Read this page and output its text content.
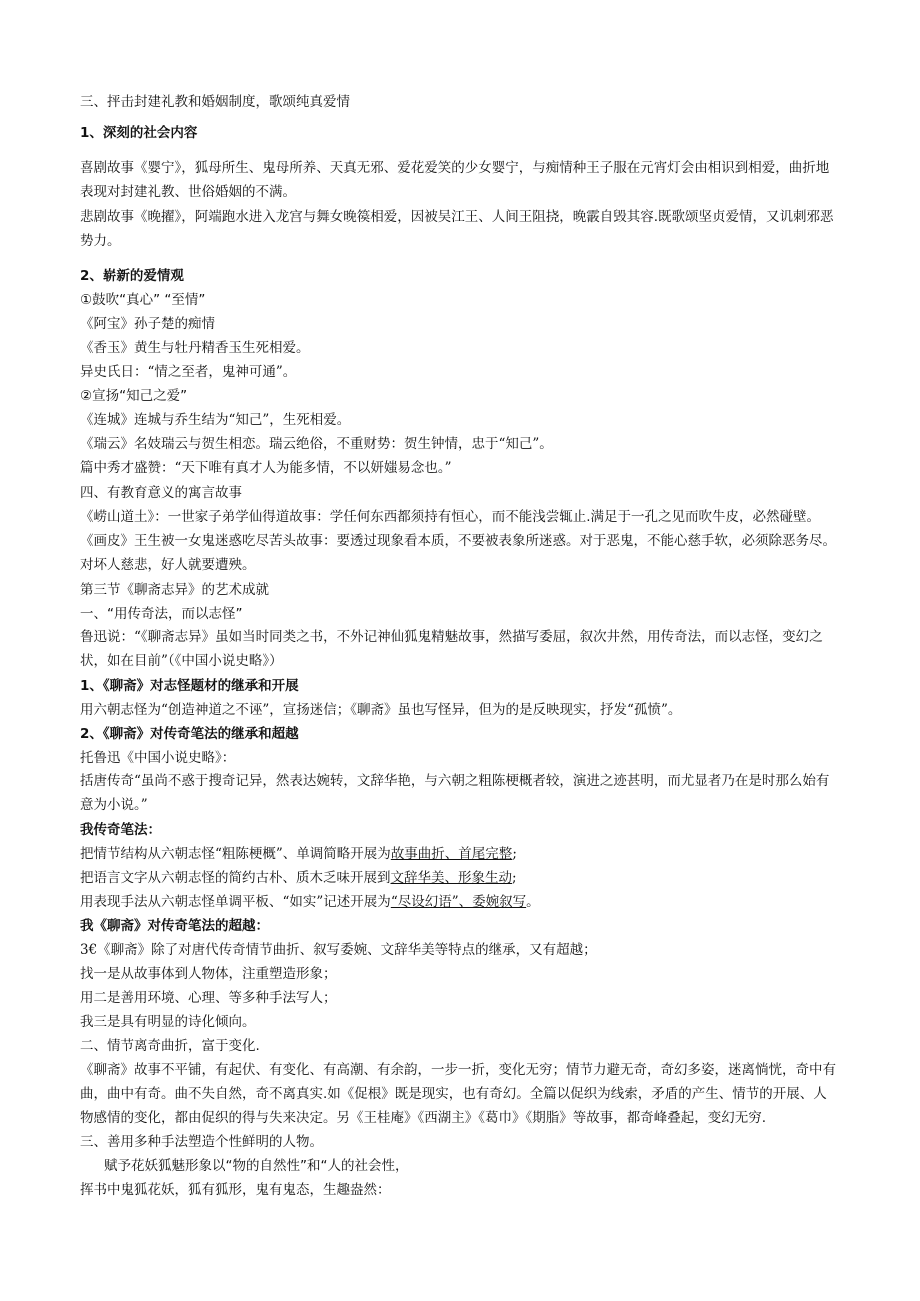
三、抨击封建礼教和婚姻制度，歌颂纯真爱情
1、深刻的社会内容
喜剧故事《婴宁》，狐母所生、鬼母所养、天真无邪、爱花爱笑的少女婴宁，与痴情种王子服在元宵灯会由相识到相爱，曲折地表现对封建礼教、世俗婚姻的不满。
悲剧故事《晚擢》，阿端跑水进入龙宫与舞女晚篌相爱，因被吴江王、人间王阻挠，晚霰自毁其容.既歌颂坚贞爱情，又讥刺邪恶势力。
2、崭新的爱情观
①鼓吹“真心” “至情”
《阿宝》孙子楚的痴情
《香玉》黄生与牡丹精香玉生死相爱。
异史氏日：“情之至者，鬼神可通”。
②宣扬“知己之爱”
《连城》连城与乔生结为“知己”，生死相爱。
《瑞云》名妓瑞云与贺生相恋。瑞云绝俗，不重财势：贺生钟情，忠于“知己”。
篇中秀才盛赞：“天下唯有真才人为能多情，不以妍媸易念也。”
四、有教育意义的寓言故事
《崂山道土》：一世家子弟学仙得道故事：学任何东西都须持有恒心，而不能浅尝辄止.满足于一孔之见而吹牛皮，必然碰壁。
《画皮》王生被一女鬼迷惑吃尽苦头故事：要透过现象看本质，不要被表象所迷惑。对于恶鬼，不能心慈手软，必须除恶务尽。对坏人慈悲，好人就要遭殃。
第三节《聊斋志异》的艺术成就
一、“用传奇法，而以志怪”
鲁迅说：“《聊斋志异》虽如当时同类之书，不外记神仙狐鬼精魅故事，然描写委屈，叙次井然，用传奇法，而以志怪，变幻之状，如在目前”（《中国小说史略》）
1、《聊斋》对志怪题材的继承和开展
用六朝志怪为“创造神道之不诬”，宣扬迷信；《聊斋》虽也写怪异，但为的是反映现实，抒发“孤愤”。
2、《聊斋》对传奇笔法的继承和超越
托鲁迅《中国小说史略》：
括唐传奇“虽尚不惑于搜奇记异，然表达婉转，文辞华艳，与六朝之粗陈梗概者较，演进之迹甚明，而尤显者乃在是时那么始有意为小说。”
我传奇笔法：
把情节结构从六朝志怪“粗陈梗概”、单调简略开展为故事曲折、首尾完整;
把语言文字从六朝志怪的简约古朴、质木乏味开展到文辞华美、形象生动;
用表现手法从六朝志怪单调平板、“如实”记述开展为“尽设幻语”、委婉叙写。
我《聊斋》对传奇笔法的超越：
3€《聊斋》除了对唐代传奇情节曲折、叙写委婉、文辞华美等特点的继承，又有超越；
找一是从故事体到人物体，注重塑造形象；
用二是善用环境、心理、等多种手法写人；
我三是具有明显的诗化倾向。
二、情节离奇曲折，富于变化.
《聊斋》故事不平铺，有起伏、有变化、有高潮、有余韵，一步一折，变化无穷；情节力避无奇，奇幻多姿，迷离惝恍，奇中有曲，曲中有奇。曲不失自然，奇不离真实.如《促根》既是现实，也有奇幻。全篇以促织为线索，矛盾的产生、情节的开展、人物感情的变化，都由促织的得与失来决定。另《王桂庵》《西湖主》《葛巾》《期脂》等故事，都奇峰叠起，变幻无穷.
三、善用多种手法塑造个性鲜明的人物。
赋予花妖狐魅形象以“物的自然性”和“人的社会性，
挥书中鬼狐花妖，狐有狐形，鬼有鬼态，生趣盎然：
